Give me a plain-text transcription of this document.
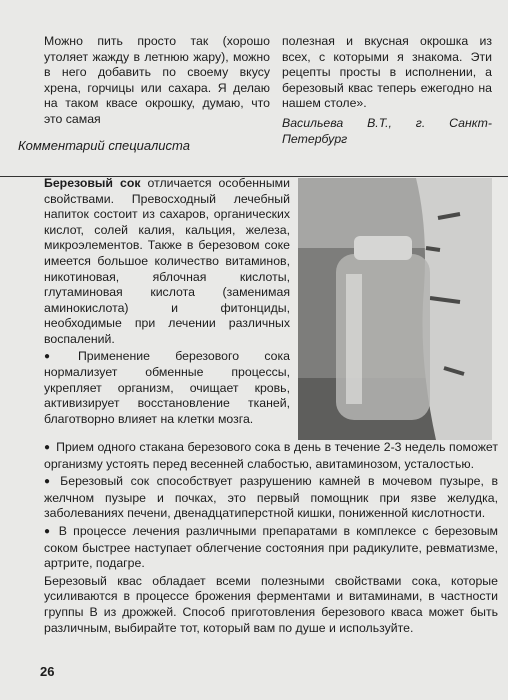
Можно пить просто так (хорошо утоляет жажду в летнюю жару), можно в него добавить по своему вкусу хрена, горчицы или сахара. Я делаю на таком квасе окрошку, думаю, что это самая

полезная и вкусная окрошка из всех, с которыми я знакома. Эти рецепты просты в исполнении, а березовый квас теперь ежегодно на нашем столе».

Васильева В.Т., г. Санкт-Петербург

Комментарий специалиста

Березовый сок отличается особенными свойствами. Превосходный лечебный напиток состоит из сахаров, органических кислот, солей калия, кальция, железа, микроэлементов. Также в березовом соке имеется большое количество витаминов, никотиновая, яблочная кислоты, глутаминовая кислота (заменимая аминокислота) и фитонциды, необходимые при лечении различных воспалений.

● Применение березового сока нормализует обменные процессы, укрепляет организм, очищает кровь, активизирует восстановление тканей, благотворно влияет на клетки мозга.

● Прием одного стакана березового сока в день в течение 2-3 недель поможет организму устоять перед весенней слабостью, авитаминозом, усталостью.

● Березовый сок способствует разрушению камней в мочевом пузыре, в желчном пузыре и почках, это первый помощник при язве желудка, заболеваниях печени, двенадцатиперстной кишки, пониженной кислотности.

● В процессе лечения различными препаратами в комплексе с березовым соком быстрее наступает облегчение состояния при радикулите, ревматизме, артрите, подагре.

Березовый квас обладает всеми полезными свойствами сока, которые усиливаются в процессе брожения ферментами и витаминами, в частности группы В из дрожжей. Способ приготовления березового кваса может быть различным, выбирайте тот, который вам по душе и используйте.

26
